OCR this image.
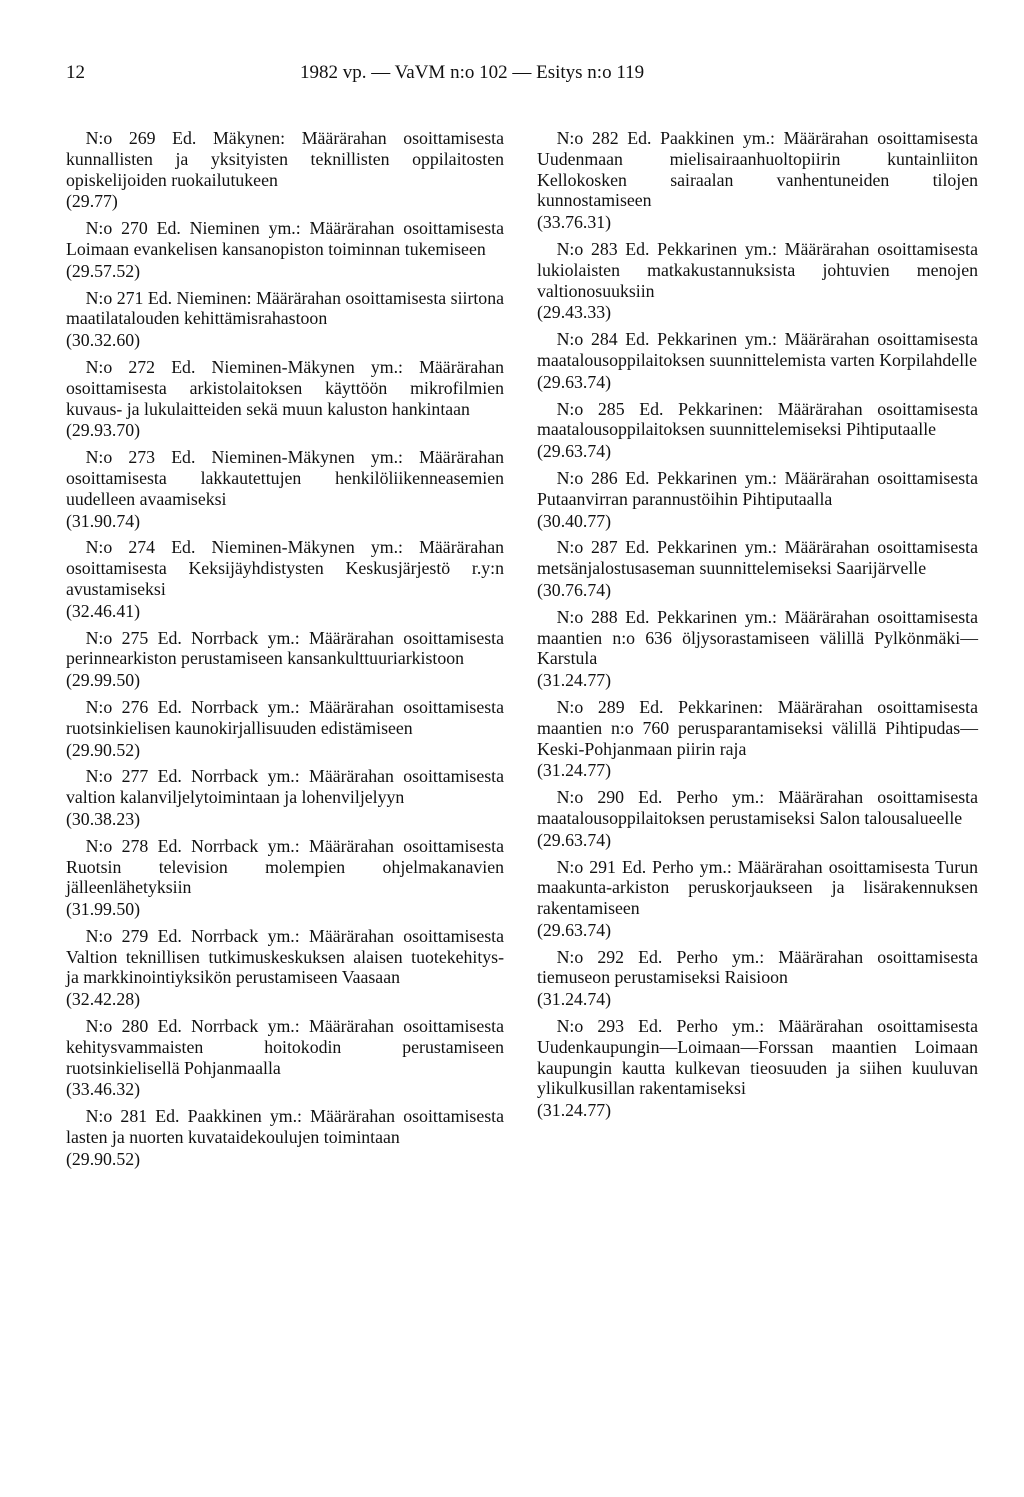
12	1982 vp. — VaVM n:o 102 — Esitys n:o 119

N:o 269 Ed. Mäkynen: Määrärahan osoittamisesta kunnallisten ja yksityisten teknillisten oppilaitosten opiskelijoiden ruokailutukeen

(29.77)

N:o 270 Ed. Nieminen ym.: Määrärahan osoittamisesta Loimaan evankelisen kansanopiston toiminnan tukemiseen

(29.57.52)

N:o 271 Ed. Nieminen: Määrärahan osoittamisesta siirtona maatilatalouden kehittämisrahastoon

(30.32.60)

N:o 272 Ed. Nieminen-Mäkynen ym.: Määrärahan osoittamisesta arkistolaitoksen käyttöön mikrofilmien kuvaus- ja lukulaitteiden sekä muun kaluston hankintaan

(29.93.70)

N:o 273 Ed. Nieminen-Mäkynen ym.: Määrärahan osoittamisesta lakkautettujen henkilöliikenneasemien uudelleen avaamiseksi

(31.90.74)

N:o 274 Ed. Nieminen-Mäkynen ym.: Määrärahan osoittamisesta Keksijäyhdistysten Keskusjärjestö r.y:n avustamiseksi

(32.46.41)

N:o 275 Ed. Norrback ym.: Määrärahan osoittamisesta perinnearkiston perustamiseen kansankulttuuriarkistoon

(29.99.50)

N:o 276 Ed. Norrback ym.: Määrärahan osoittamisesta ruotsinkielisen kaunokirjallisuuden edistämiseen

(29.90.52)

N:o 277 Ed. Norrback ym.: Määrärahan osoittamisesta valtion kalanviljelytoimintaan ja lohenviljelyyn

(30.38.23)

N:o 278 Ed. Norrback ym.: Määrärahan osoittamisesta Ruotsin television molempien ohjelmakanavien jälleenlähetyksiin

(31.99.50)

N:o 279 Ed. Norrback ym.: Määrärahan osoittamisesta Valtion teknillisen tutkimuskeskuksen alaisen tuotekehitys- ja markkinointiyksikön perustamiseen Vaasaan

(32.42.28)

N:o 280 Ed. Norrback ym.: Määrärahan osoittamisesta kehitysvammaisten hoitokodin perustamiseen ruotsinkielisellä Pohjanmaalla

(33.46.32)

N:o 281 Ed. Paakkinen ym.: Määrärahan osoittamisesta lasten ja nuorten kuvataidekoulujen toimintaan

(29.90.52)

N:o 282 Ed. Paakkinen ym.: Määrärahan osoittamisesta Uudenmaan mielisairaanhuoltopiirin kuntainliiton Kellokosken sairaalan vanhentuneiden tilojen kunnostamiseen

(33.76.31)

N:o 283 Ed. Pekkarinen ym.: Määrärahan osoittamisesta lukiolaisten matkakustannuksista johtuvien menojen valtionosuuksiin

(29.43.33)

N:o 284 Ed. Pekkarinen ym.: Määrärahan osoittamisesta maatalousoppilaitoksen suunnittelemista varten Korpilahdelle

(29.63.74)

N:o 285 Ed. Pekkarinen: Määrärahan osoittamisesta maatalousoppilaitoksen suunnittelemiseksi Pihtiputaalle

(29.63.74)

N:o 286 Ed. Pekkarinen ym.: Määrärahan osoittamisesta Putaanvirran parannustöihin Pihtiputaalla

(30.40.77)

N:o 287 Ed. Pekkarinen ym.: Määrärahan osoittamisesta metsänjalostusaseman suunnittelemiseksi Saarijärvelle

(30.76.74)

N:o 288 Ed. Pekkarinen ym.: Määrärahan osoittamisesta maantien n:o 636 öljysorastamiseen välillä Pylkönmäki—Karstula

(31.24.77)

N:o 289 Ed. Pekkarinen: Määrärahan osoittamisesta maantien n:o 760 perusparantamiseksi välillä Pihtipudas—Keski-Pohjanmaan piirin raja

(31.24.77)

N:o 290 Ed. Perho ym.: Määrärahan osoittamisesta maatalousoppilaitoksen perustamiseksi Salon talousalueelle

(29.63.74)

N:o 291 Ed. Perho ym.: Määrärahan osoittamisesta Turun maakunta-arkiston peruskorjaukseen ja lisärakennuksen rakentamiseen

(29.63.74)

N:o 292 Ed. Perho ym.: Määrärahan osoittamisesta tiemuseon perustamiseksi Raisioon

(31.24.74)

N:o 293 Ed. Perho ym.: Määrärahan osoittamisesta Uudenkaupungin—Loimaan—Forssan maantien Loimaan kaupungin kautta kulkevan tieosuuden ja siihen kuuluvan ylikulkusillan rakentamiseksi

(31.24.77)
